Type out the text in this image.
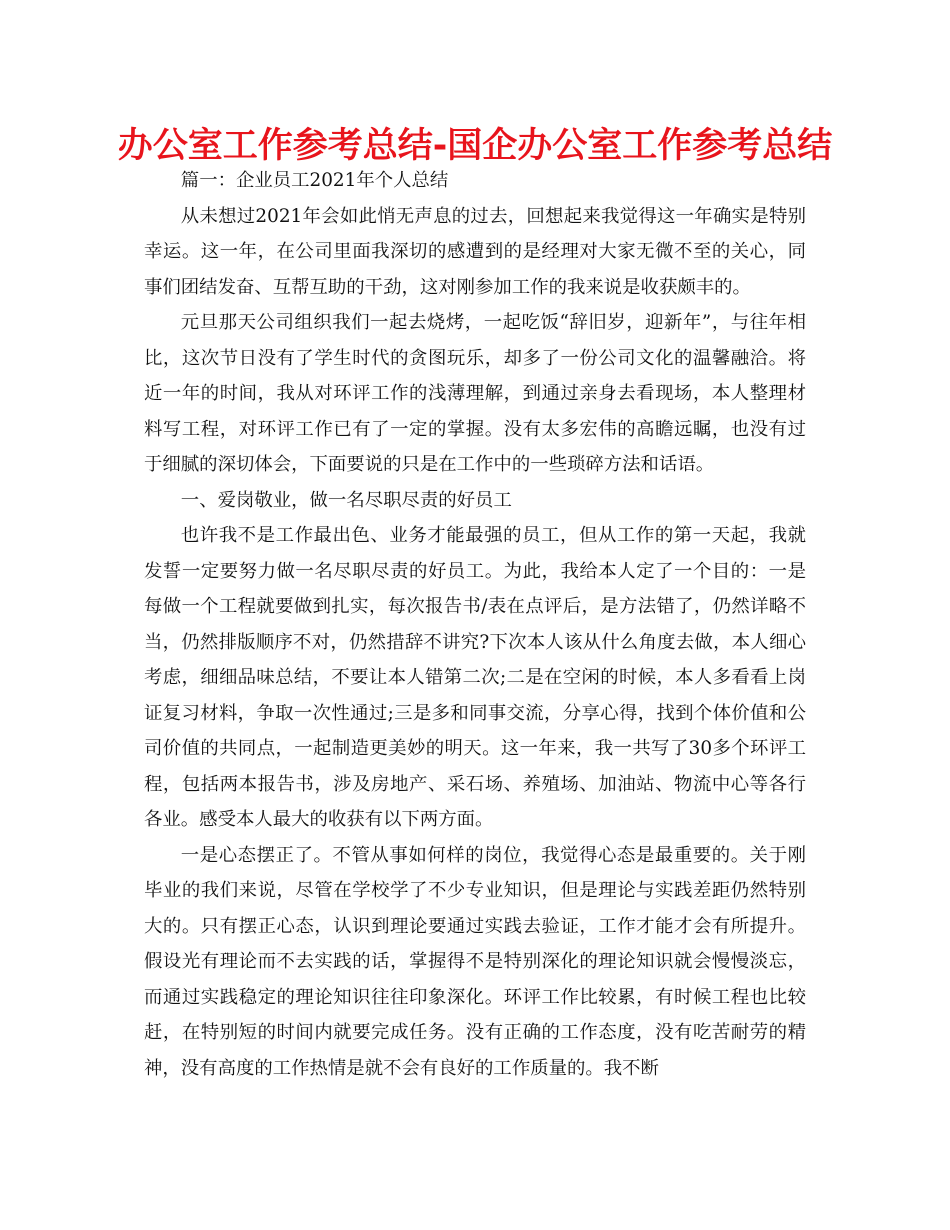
办公室工作参考总结-国企办公室工作参考总结

篇一：企业员工2021年个人总结

从未想过2021年会如此悄无声息的过去，回想起来我觉得这一年确实是特别幸运。这一年，在公司里面我深切的感遭到的是经理对大家无微不至的关心，同事们团结发奋、互帮互助的干劲，这对刚参加工作的我来说是收获颇丰的。

元旦那天公司组织我们一起去烧烤，一起吃饭“辞旧岁，迎新年”，与往年相比，这次节日没有了学生时代的贪图玩乐，却多了一份公司文化的温馨融洽。将近一年的时间，我从对环评工作的浅薄理解，到通过亲身去看现场，本人整理材料写工程，对环评工作已有了一定的掌握。没有太多宏伟的高瞻远瞩，也没有过于细腻的深切体会，下面要说的只是在工作中的一些琐碎方法和话语。

一、爱岗敬业，做一名尽职尽责的好员工

也许我不是工作最出色、业务才能最强的员工，但从工作的第一天起，我就发誓一定要努力做一名尽职尽责的好员工。为此，我给本人定了一个目的：一是每做一个工程就要做到扎实，每次报告书/表在点评后，是方法错了，仍然详略不当，仍然排版顺序不对，仍然措辞不讲究?下次本人该从什么角度去做，本人细心考虑，细细品味总结，不要让本人错第二次;二是在空闲的时候，本人多看看上岗证复习材料，争取一次性通过;三是多和同事交流，分享心得，找到个体价值和公司价值的共同点，一起制造更美妙的明天。这一年来，我一共写了30多个环评工程，包括两本报告书，涉及房地产、采石场、养殖场、加油站、物流中心等各行各业。感受本人最大的收获有以下两方面。

一是心态摆正了。不管从事如何样的岗位，我觉得心态是最重要的。关于刚毕业的我们来说，尽管在学校学了不少专业知识，但是理论与实践差距仍然特别大的。只有摆正心态，认识到理论要通过实践去验证，工作才能才会有所提升。假设光有理论而不去实践的话，掌握得不是特别深化的理论知识就会慢慢淡忘，而通过实践稳定的理论知识往往印象深化。环评工作比较累，有时候工程也比较赶，在特别短的时间内就要完成任务。没有正确的工作态度，没有吃苦耐劳的精神，没有高度的工作热情是就不会有良好的工作质量的。我不断
